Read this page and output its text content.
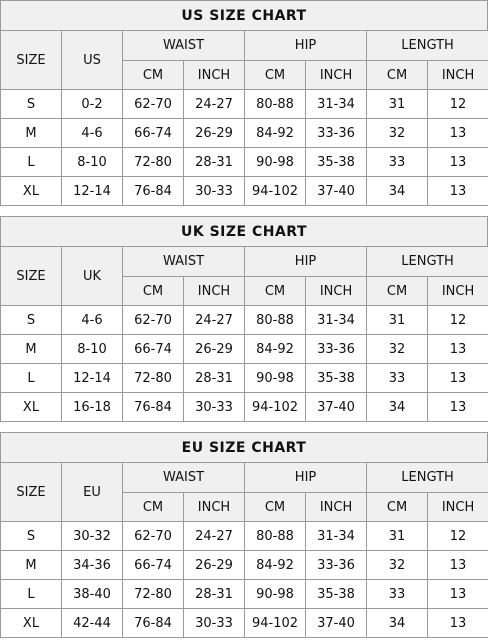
US SIZE CHART
SIZE	US	WAIST		HIP		LENGTH	
		CM	INCH	CM	INCH	CM	INCH
S	0-2	62-70	24-27	80-88	31-34	31	12
M	4-6	66-74	26-29	84-92	33-36	32	13
L	8-10	72-80	28-31	90-98	35-38	33	13
XL	12-14	76-84	30-33	94-102	37-40	34	13
UK SIZE CHART
SIZE	UK	WAIST		HIP		LENGTH	
		CM	INCH	CM	INCH	CM	INCH
S	4-6	62-70	24-27	80-88	31-34	31	12
M	8-10	66-74	26-29	84-92	33-36	32	13
L	12-14	72-80	28-31	90-98	35-38	33	13
XL	16-18	76-84	30-33	94-102	37-40	34	13
EU SIZE CHART
SIZE	EU	WAIST		HIP		LENGTH	
		CM	INCH	CM	INCH	CM	INCH
S	30-32	62-70	24-27	80-88	31-34	31	12
M	34-36	66-74	26-29	84-92	33-36	32	13
L	38-40	72-80	28-31	90-98	35-38	33	13
XL	42-44	76-84	30-33	94-102	37-40	34	13
